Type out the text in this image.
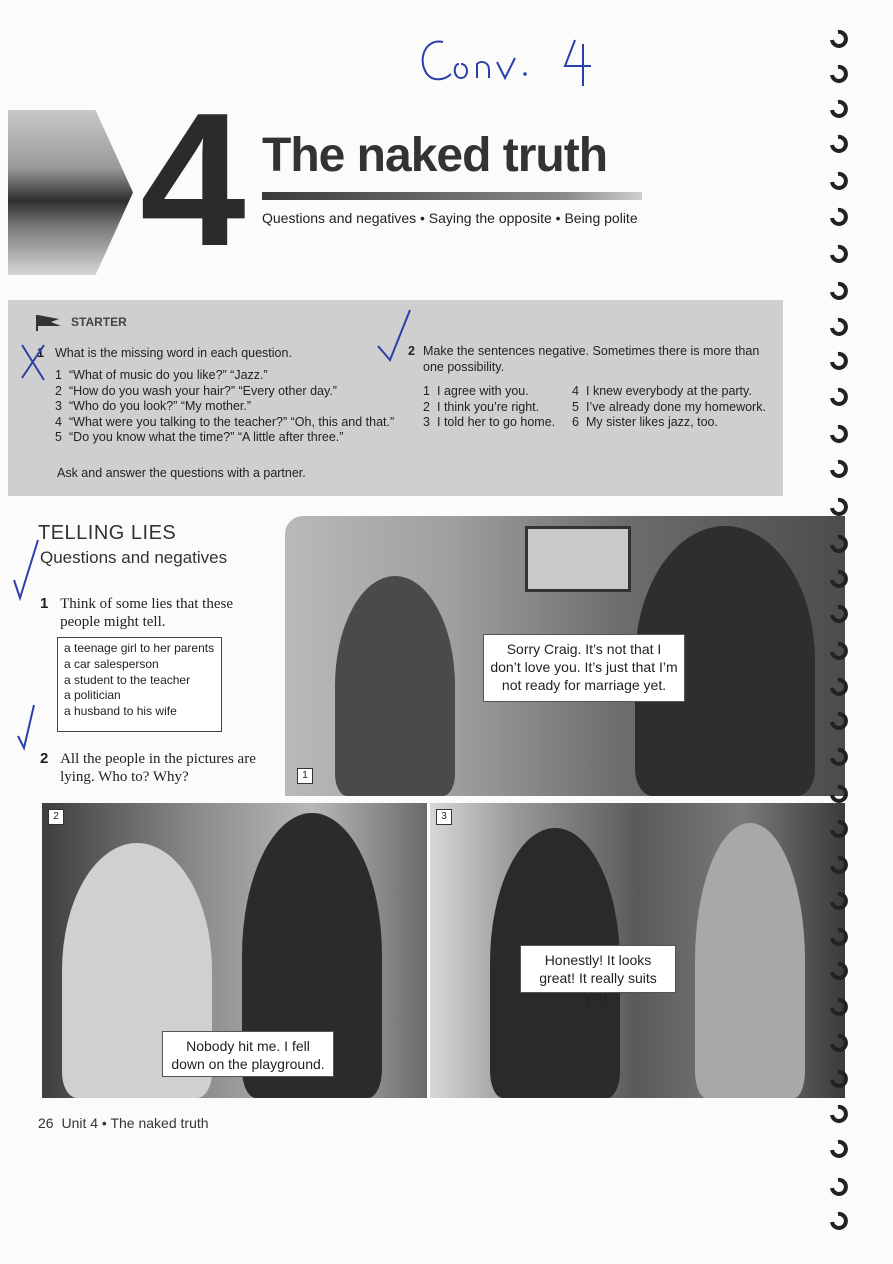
4 The naked truth
Questions and negatives • Saying the opposite • Being polite
STARTER
1 What is the missing word in each question.
1 “What of music do you like?” “Jazz.”
2 “How do you wash your hair?” “Every other day.”
3 “Who do you look?” “My mother.”
4 “What were you talking to the teacher?” “Oh, this and that.”
5 “Do you know what the time?” “A little after three.”
Ask and answer the questions with a partner.
2 Make the sentences negative. Sometimes there is more than one possibility.
1 I agree with you.
2 I think you’re right.
3 I told her to go home.
4 I knew everybody at the party.
5 I’ve already done my homework.
6 My sister likes jazz, too.
TELLING LIES
Questions and negatives
1 Think of some lies that these people might tell.
a teenage girl to her parents
a car salesperson
a student to the teacher
a politician
a husband to his wife
2 All the people in the pictures are lying. Who to? Why?
Sorry Craig. It’s not that I don’t love you. It’s just that I’m not ready for marriage yet.
1
Nobody hit me. I fell down on the playground.
2
Honestly! It looks great! It really suits you.
3
26 Unit 4 • The naked truth
